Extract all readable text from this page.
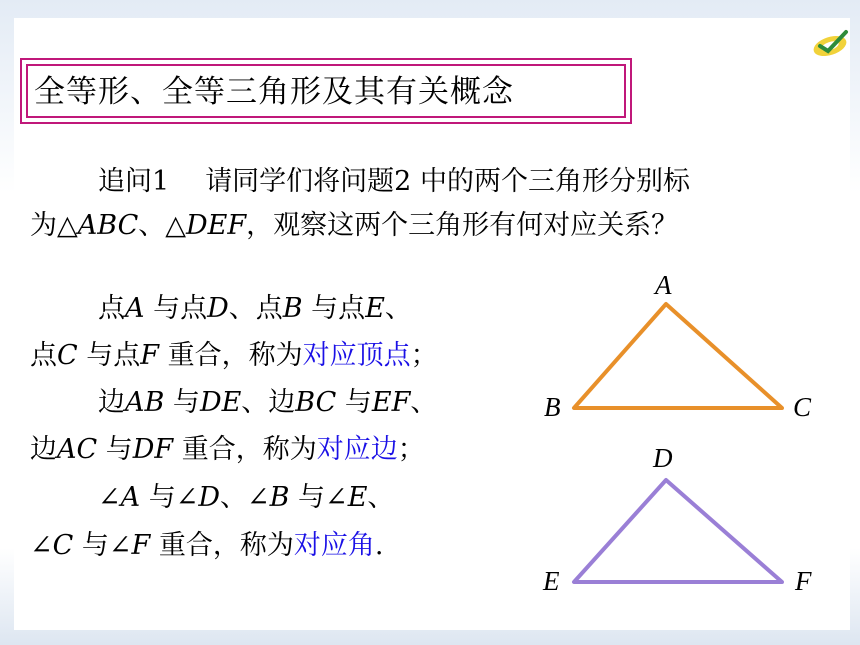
全等形、全等三角形及其有关概念
追问1 请同学们将问题2 中的两个三角形分别标
为△ABC、△DEF，观察这两个三角形有何对应关系？
点A 与点D、点B 与点E、
点C 与点F 重合，称为对应顶点；
边AB 与DE、边BC 与EF、
边AC 与DF 重合，称为对应边；
∠A 与∠D、∠B 与∠E、
∠C 与∠F 重合，称为对应角.
A
B	C
D
E	F
